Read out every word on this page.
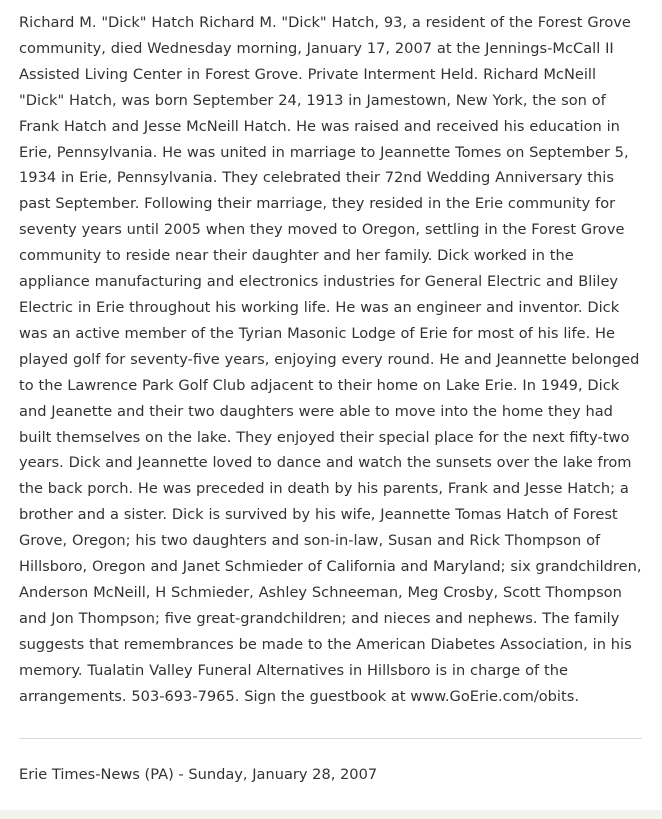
Richard M. "Dick" Hatch Richard M. "Dick" Hatch, 93, a resident of the Forest Grove community, died Wednesday morning, January 17, 2007 at the Jennings-McCall II Assisted Living Center in Forest Grove. Private Interment Held. Richard McNeill "Dick" Hatch, was born September 24, 1913 in Jamestown, New York, the son of Frank Hatch and Jesse McNeill Hatch. He was raised and received his education in Erie, Pennsylvania. He was united in marriage to Jeannette Tomes on September 5, 1934 in Erie, Pennsylvania. They celebrated their 72nd Wedding Anniversary this past September. Following their marriage, they resided in the Erie community for seventy years until 2005 when they moved to Oregon, settling in the Forest Grove community to reside near their daughter and her family. Dick worked in the appliance manufacturing and electronics industries for General Electric and Bliley Electric in Erie throughout his working life. He was an engineer and inventor. Dick was an active member of the Tyrian Masonic Lodge of Erie for most of his life. He played golf for seventy-five years, enjoying every round. He and Jeannette belonged to the Lawrence Park Golf Club adjacent to their home on Lake Erie. In 1949, Dick and Jeanette and their two daughters were able to move into the home they had built themselves on the lake. They enjoyed their special place for the next fifty-two years. Dick and Jeannette loved to dance and watch the sunsets over the lake from the back porch. He was preceded in death by his parents, Frank and Jesse Hatch; a brother and a sister. Dick is survived by his wife, Jeannette Tomas Hatch of Forest Grove, Oregon; his two daughters and son-in-law, Susan and Rick Thompson of Hillsboro, Oregon and Janet Schmieder of California and Maryland; six grandchildren, Anderson McNeill, H Schmieder, Ashley Schneeman, Meg Crosby, Scott Thompson and Jon Thompson; five great-grandchildren; and nieces and nephews. The family suggests that remembrances be made to the American Diabetes Association, in his memory. Tualatin Valley Funeral Alternatives in Hillsboro is in charge of the arrangements. 503-693-7965. Sign the guestbook at www.GoErie.com/obits.

Erie Times-News (PA) - Sunday, January 28, 2007
